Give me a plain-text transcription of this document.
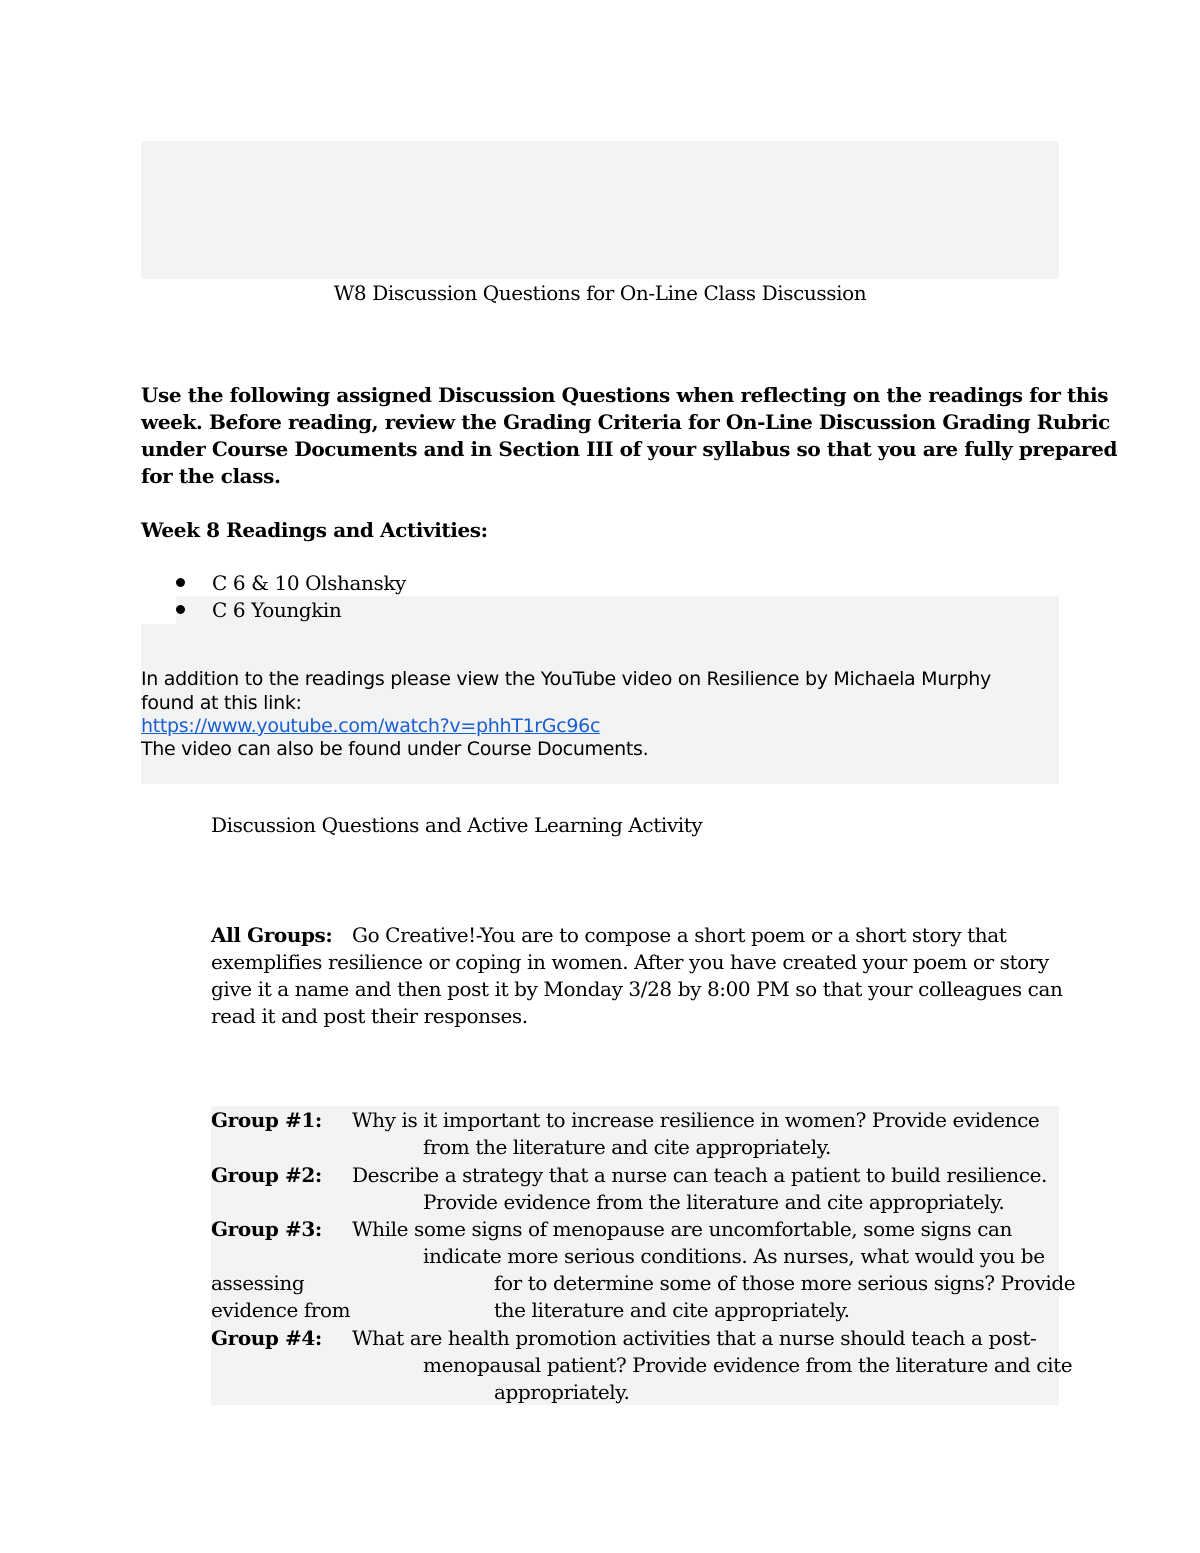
W8 Discussion Questions for On-Line Class Discussion
Use the following assigned Discussion Questions when reflecting on the readings for this
week. Before reading, review the Grading Criteria for On-Line Discussion Grading Rubric
under Course Documents and in Section III of your syllabus so that you are fully prepared
for the class.
Week 8 Readings and Activities:
C 6 & 10 Olshansky
C 6 Youngkin
In addition to the readings please view the YouTube video on Resilience by Michaela Murphy
found at this link:
https://www.youtube.com/watch?v=phhT1rGc96c
The video can also be found under Course Documents.
Discussion Questions and Active Learning Activity
All Groups: Go Creative!-You are to compose a short poem or a short story that
exemplifies resilience or coping in women. After you have created your poem or story
give it a name and then post it by Monday 3/28 by 8:00 PM so that your colleagues can
read it and post their responses.
Group #1: Why is it important to increase resilience in women? Provide evidence
from the literature and cite appropriately.
Group #2: Describe a strategy that a nurse can teach a patient to build resilience.
Provide evidence from the literature and cite appropriately.
Group #3: While some signs of menopause are uncomfortable, some signs can
indicate more serious conditions. As nurses, what would you be
assessing	for to determine some of those more serious signs? Provide
evidence from	the literature and cite appropriately.
Group #4: What are health promotion activities that a nurse should teach a post-
menopausal patient? Provide evidence from the literature and cite
appropriately.
